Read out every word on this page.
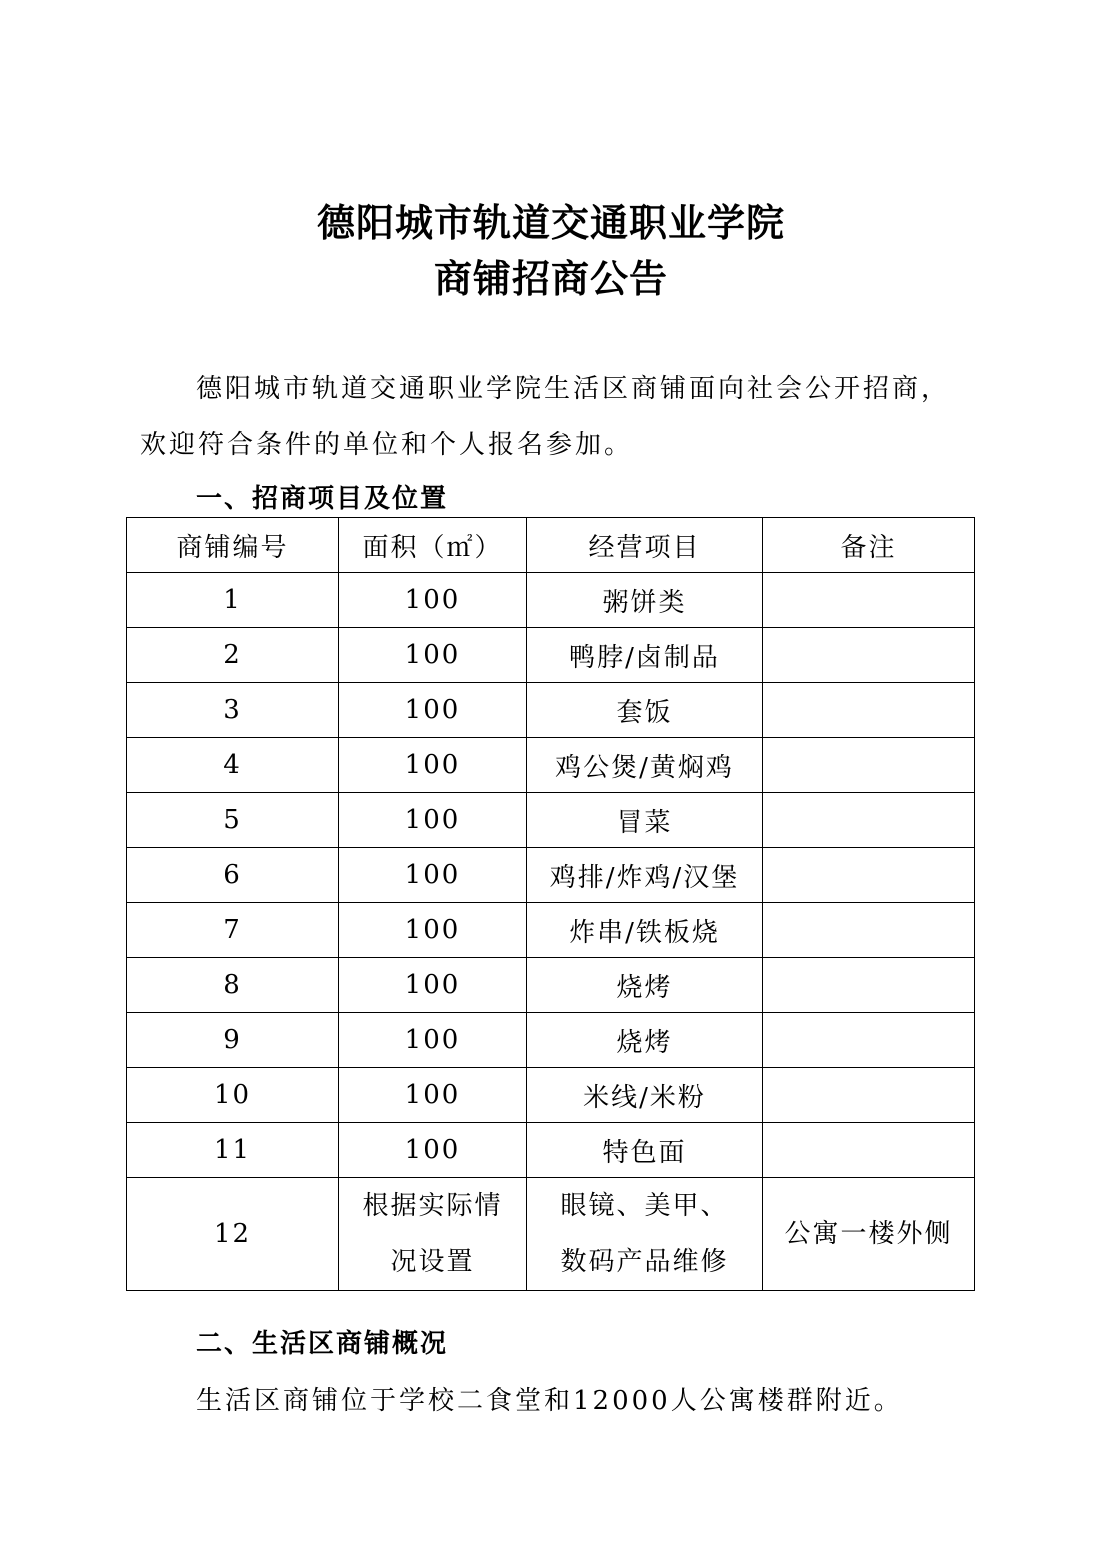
德阳城市轨道交通职业学院
商铺招商公告
德阳城市轨道交通职业学院生活区商铺面向社会公开招商，
欢迎符合条件的单位和个人报名参加。
一、招商项目及位置
商铺编号	面积（㎡）	经营项目	备注
1	100	粥饼类	
2	100	鸭脖/卤制品	
3	100	套饭	
4	100	鸡公煲/黄焖鸡	
5	100	冒菜	
6	100	鸡排/炸鸡/汉堡	
7	100	炸串/铁板烧	
8	100	烧烤	
9	100	烧烤	
10	100	米线/米粉	
11	100	特色面	
12	根据实际情况设置	眼镜、美甲、数码产品维修	公寓一楼外侧
二、生活区商铺概况
生活区商铺位于学校二食堂和12000人公寓楼群附近。
